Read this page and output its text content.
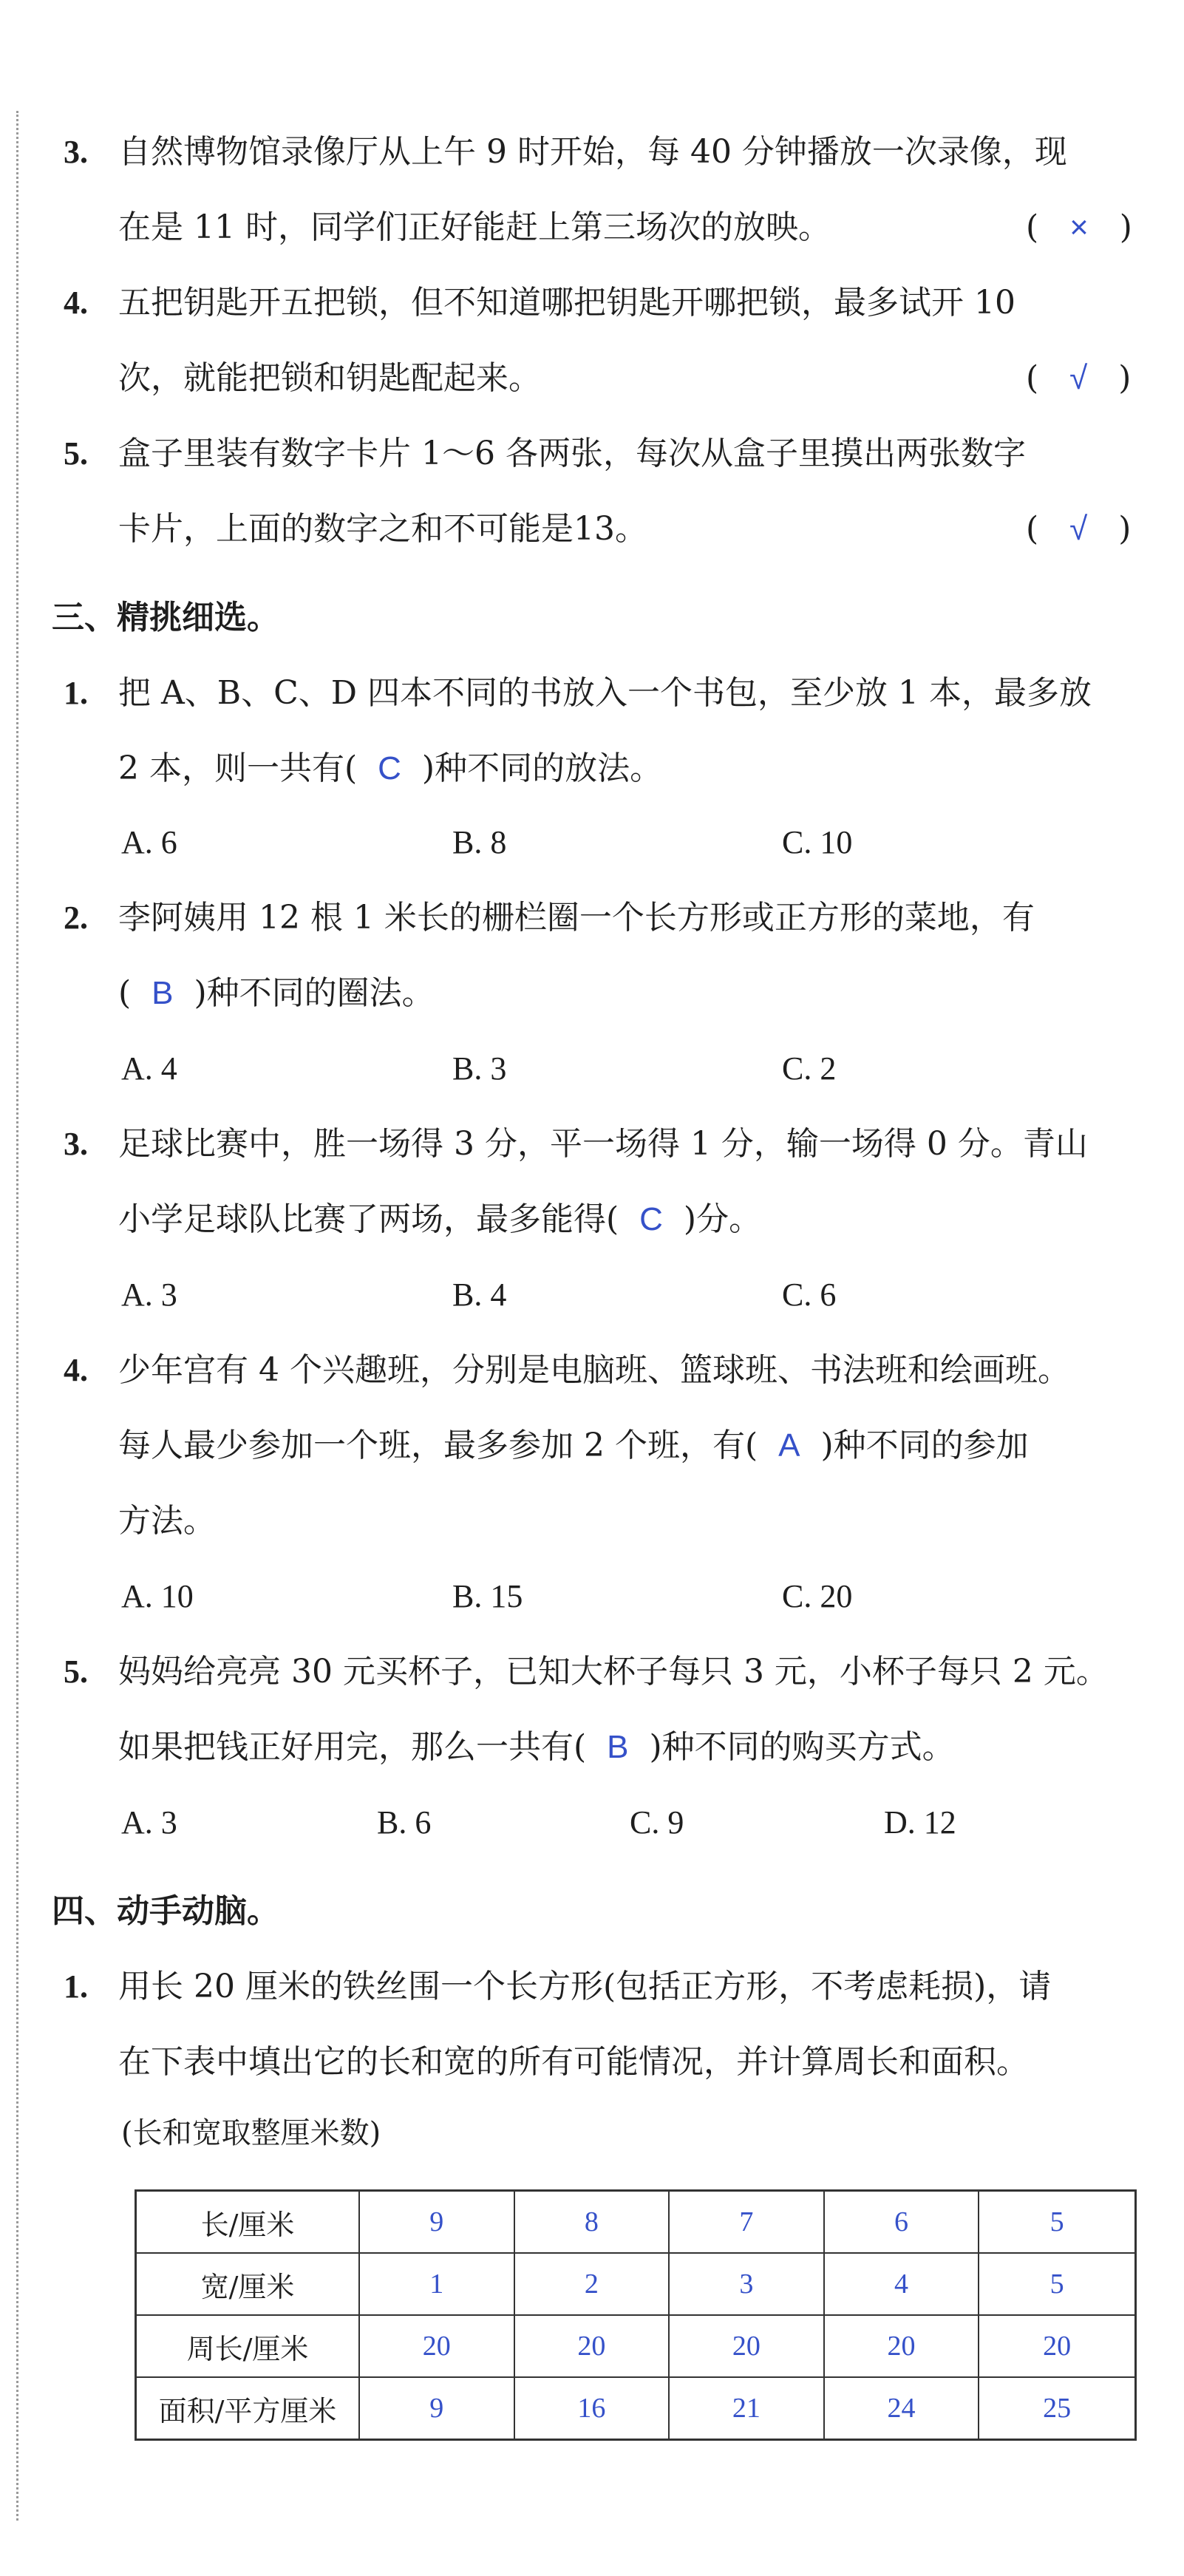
3. 自然博物馆录像厅从上午 9 时开始，每 40 分钟播放一次录像，现
在是 11 时，同学们正好能赶上第三场次的放映。	(   ×   )
4. 五把钥匙开五把锁，但不知道哪把钥匙开哪把锁，最多试开 10
次，就能把锁和钥匙配起来。	(   √   )
5. 盒子里装有数字卡片 1～6 各两张，每次从盒子里摸出两张数字
卡片，上面的数字之和不可能是13。	(   √   )
三、精挑细选。
1. 把 A、B、C、D 四本不同的书放入一个书包，至少放 1 本，最多放
2 本，则一共有( C )种不同的放法。
A. 6	B. 8	C. 10
2. 李阿姨用 12 根 1 米长的栅栏圈一个长方形或正方形的菜地，有
( B )种不同的圈法。
A. 4	B. 3	C. 2
3. 足球比赛中，胜一场得 3 分，平一场得 1 分，输一场得 0 分。青山
小学足球队比赛了两场，最多能得( C )分。
A. 3	B. 4	C. 6
4. 少年宫有 4 个兴趣班，分别是电脑班、篮球班、书法班和绘画班。
每人最少参加一个班，最多参加 2 个班，有( A )种不同的参加
方法。
A. 10	B. 15	C. 20
5. 妈妈给亮亮 30 元买杯子，已知大杯子每只 3 元，小杯子每只 2 元。
如果把钱正好用完，那么一共有( B )种不同的购买方式。
A. 3	B. 6	C. 9	D. 12
四、动手动脑。
1. 用长 20 厘米的铁丝围一个长方形(包括正方形，不考虑耗损)，请
在下表中填出它的长和宽的所有可能情况，并计算周长和面积。
(长和宽取整厘米数)
长/厘米	9	8	7	6	5
宽/厘米	1	2	3	4	5
周长/厘米	20	20	20	20	20
面积/平方厘米	9	16	21	24	25
